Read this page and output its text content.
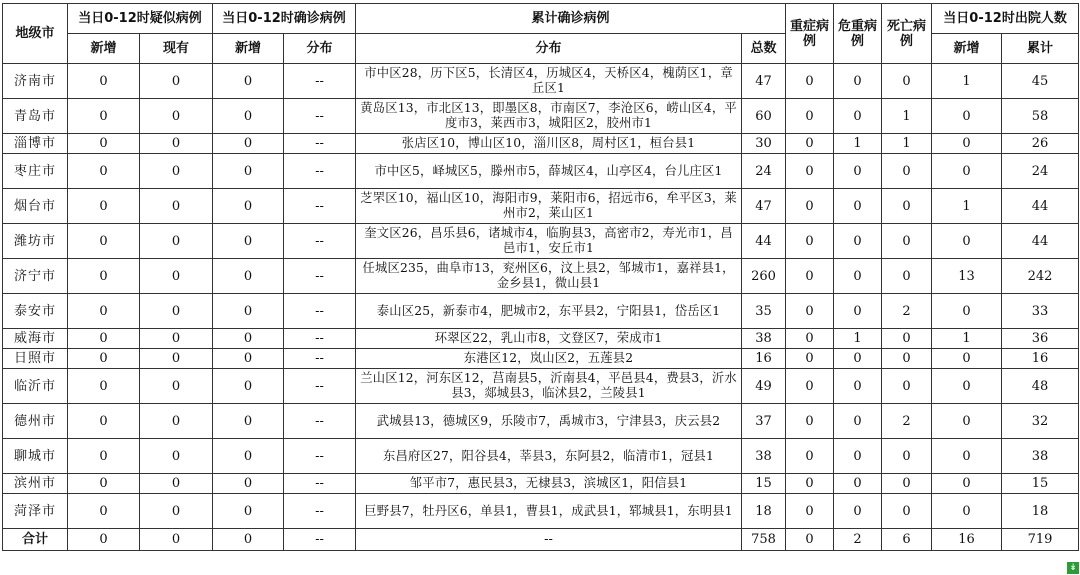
地级市	当日0-12时疑似病例		当日0-12时确诊病例		累计确诊病例		重症病例	危重病例	死亡病例	当日0-12时出院人数	
	新增	现有	新增	分布	分布	总数				新增	累计
济南市	0	0	0	--	市中区28，历下区5，长清区4，历城区4，天桥区4，槐荫区1，章丘区1	47	0	0	0	1	45
青岛市	0	0	0	--	黄岛区13，市北区13，即墨区8，市南区7，李沧区6，崂山区4，平度市3，莱西市3，城阳区2，胶州市1	60	0	0	1	0	58
淄博市	0	0	0	--	张店区10，博山区10，淄川区8，周村区1，桓台县1	30	0	1	1	0	26
枣庄市	0	0	0	--	市中区5，峄城区5，滕州市5，薛城区4，山亭区4，台儿庄区1	24	0	0	0	0	24
烟台市	0	0	0	--	芝罘区10，福山区10，海阳市9，莱阳市6，招远市6，牟平区3，莱州市2，莱山区1	47	0	0	0	1	44
潍坊市	0	0	0	--	奎文区26，昌乐县6，诸城市4，临朐县3，高密市2，寿光市1，昌邑市1，安丘市1	44	0	0	0	0	44
济宁市	0	0	0	--	任城区235，曲阜市13，兖州区6，汶上县2，邹城市1，嘉祥县1，金乡县1，微山县1	260	0	0	0	13	242
泰安市	0	0	0	--	泰山区25，新泰市4，肥城市2，东平县2，宁阳县1，岱岳区1	35	0	0	2	0	33
威海市	0	0	0	--	环翠区22，乳山市8，文登区7，荣成市1	38	0	1	0	1	36
日照市	0	0	0	--	东港区12，岚山区2，五莲县2	16	0	0	0	0	16
临沂市	0	0	0	--	兰山区12，河东区12，莒南县5，沂南县4，平邑县4，费县3，沂水县3，郯城县3，临沭县2，兰陵县1	49	0	0	0	0	48
德州市	0	0	0	--	武城县13，德城区9，乐陵市7，禹城市3，宁津县3，庆云县2	37	0	0	2	0	32
聊城市	0	0	0	--	东昌府区27，阳谷县4，莘县3，东阿县2，临清市1，冠县1	38	0	0	0	0	38
滨州市	0	0	0	--	邹平市7，惠民县3，无棣县3，滨城区1，阳信县1	15	0	0	0	0	15
菏泽市	0	0	0	--	巨野县7，牡丹区6，单县1，曹县1，成武县1，郓城县1，东明县1	18	0	0	0	0	18
合计	0	0	0	--	--	758	0	2	6	16	719
↡
